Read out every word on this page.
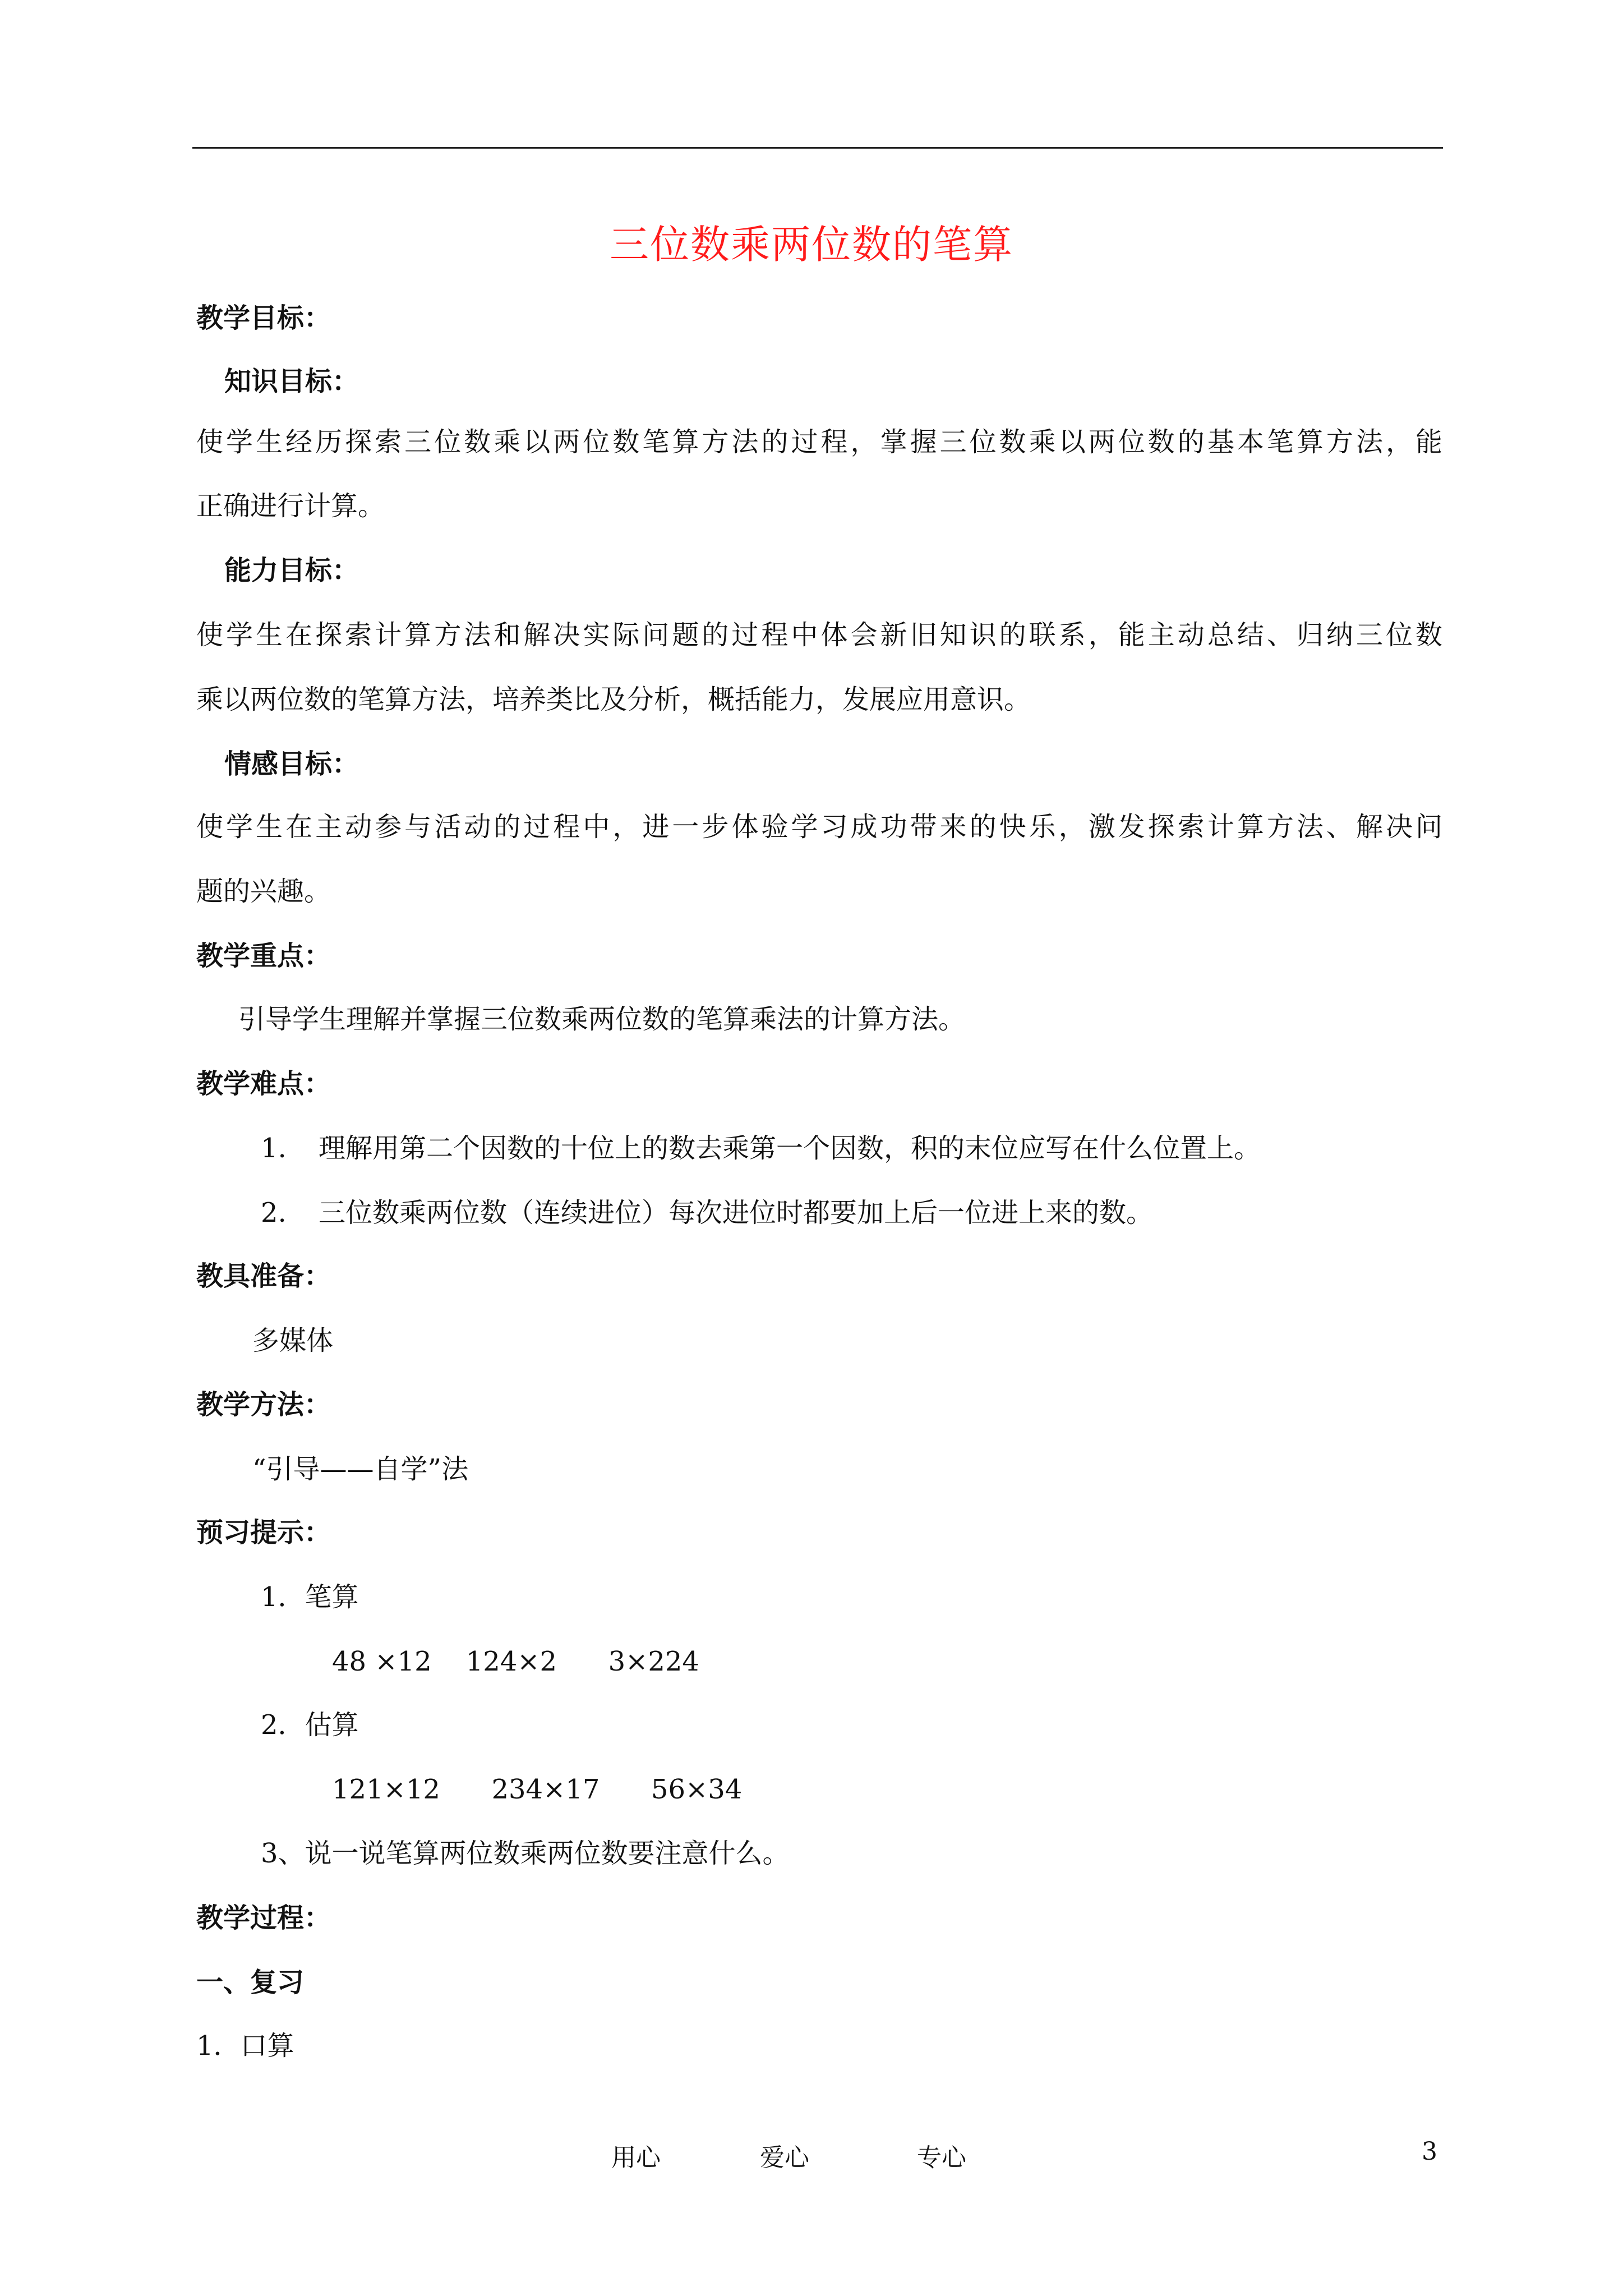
三位数乘两位数的笔算
教学目标：
知识目标：
使学生经历探索三位数乘以两位数笔算方法的过程，掌握三位数乘以两位数的基本笔算方法，能
正确进行计算。
能力目标：
使学生在探索计算方法和解决实际问题的过程中体会新旧知识的联系，能主动总结、归纳三位数
乘以两位数的笔算方法，培养类比及分析，概括能力，发展应用意识。
情感目标：
使学生在主动参与活动的过程中，进一步体验学习成功带来的快乐，激发探索计算方法、解决问
题的兴趣。
教学重点：
引导学生理解并掌握三位数乘两位数的笔算乘法的计算方法。
教学难点：
1. 理解用第二个因数的十位上的数去乘第一个因数，积的末位应写在什么位置上。
2. 三位数乘两位数（连续进位）每次进位时都要加上后一位进上来的数。
教具准备：
多媒体
教学方法：
“引导——自学”法
预习提示：
1．笔算
48 ×12    124×2      3×224
2．估算
121×12      234×17      56×34
3、说一说笔算两位数乘两位数要注意什么。
教学过程：
一、复习
1．口算
用心	爱心	专心	3
